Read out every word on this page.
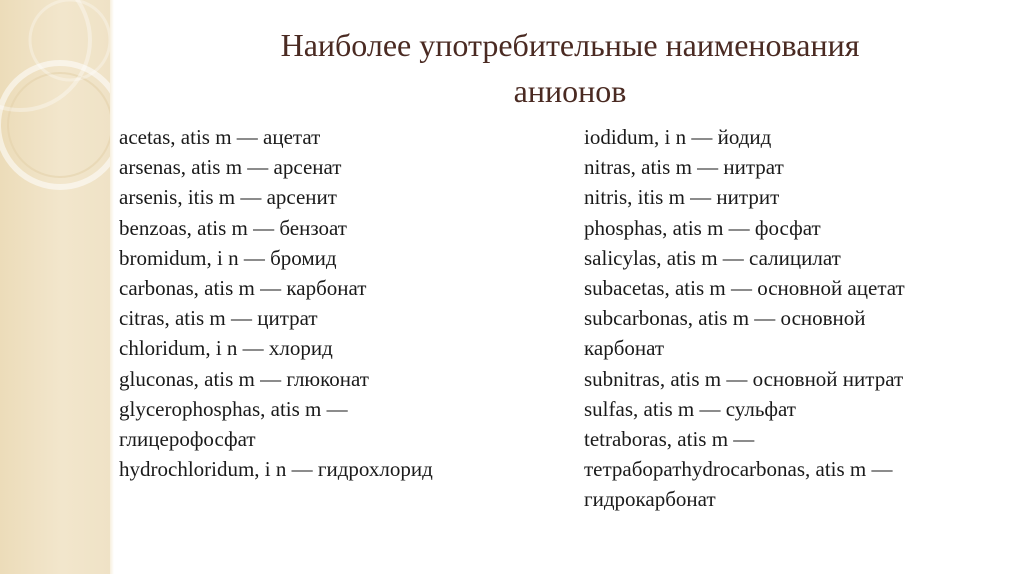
Наиболее употребительные наименования
анионов
acetas, atis m — ацетат
arsenas, atis m — арсенат
arsenis, itis m — арсенит
benzoas, atis m — бензоат
bromidum, i n — бромид
carbonas, atis m — карбонат
citras, atis m — цитрат
chloridum, i n — хлорид
gluconas, atis m — глюконат
glycerophosphas, atis m —
глицерофосфат
hydrochloridum, i n — гидрохлорид
iodidum, i n — йодид
nitras, atis m — нитрат
nitris, itis m — нитрит
phosphas, atis m — фосфат
salicylas, atis m — салицилат
subacetas, atis m — основной ацетат
subcarbonas, atis m — основной
карбонат
subnitras, atis m — основной нитрат
sulfas, atis m — сульфат
tetraboras, atis m —
тетраборатhydrocarbonas, atis m —
гидрокарбонат
